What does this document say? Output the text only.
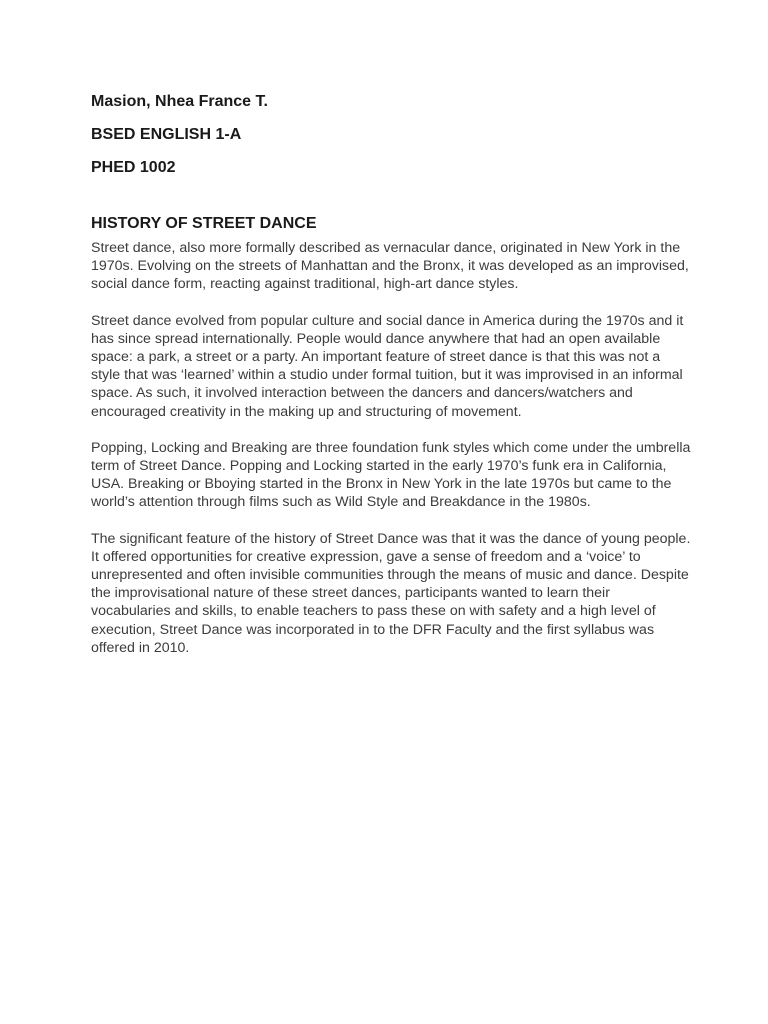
Masion, Nhea France T.
BSED ENGLISH 1-A
PHED 1002
HISTORY OF STREET DANCE

Street dance, also more formally described as vernacular dance, originated in New York in the 1970s. Evolving on the streets of Manhattan and the Bronx, it was developed as an improvised, social dance form, reacting against traditional, high-art dance styles.

Street dance evolved from popular culture and social dance in America during the 1970s and it has since spread internationally. People would dance anywhere that had an open available space: a park, a street or a party. An important feature of street dance is that this was not a style that was ‘learned’ within a studio under formal tuition, but it was improvised in an informal space. As such, it involved interaction between the dancers and dancers/watchers and encouraged creativity in the making up and structuring of movement.

Popping, Locking and Breaking are three foundation funk styles which come under the umbrella term of Street Dance. Popping and Locking started in the early 1970’s funk era in California, USA. Breaking or Bboying started in the Bronx in New York in the late 1970s but came to the world’s attention through films such as Wild Style and Breakdance in the 1980s.

The significant feature of the history of Street Dance was that it was the dance of young people. It offered opportunities for creative expression, gave a sense of freedom and a ‘voice’ to unrepresented and often invisible communities through the means of music and dance. Despite the improvisational nature of these street dances, participants wanted to learn their vocabularies and skills, to enable teachers to pass these on with safety and a high level of execution, Street Dance was incorporated in to the DFR Faculty and the first syllabus was offered in 2010.
